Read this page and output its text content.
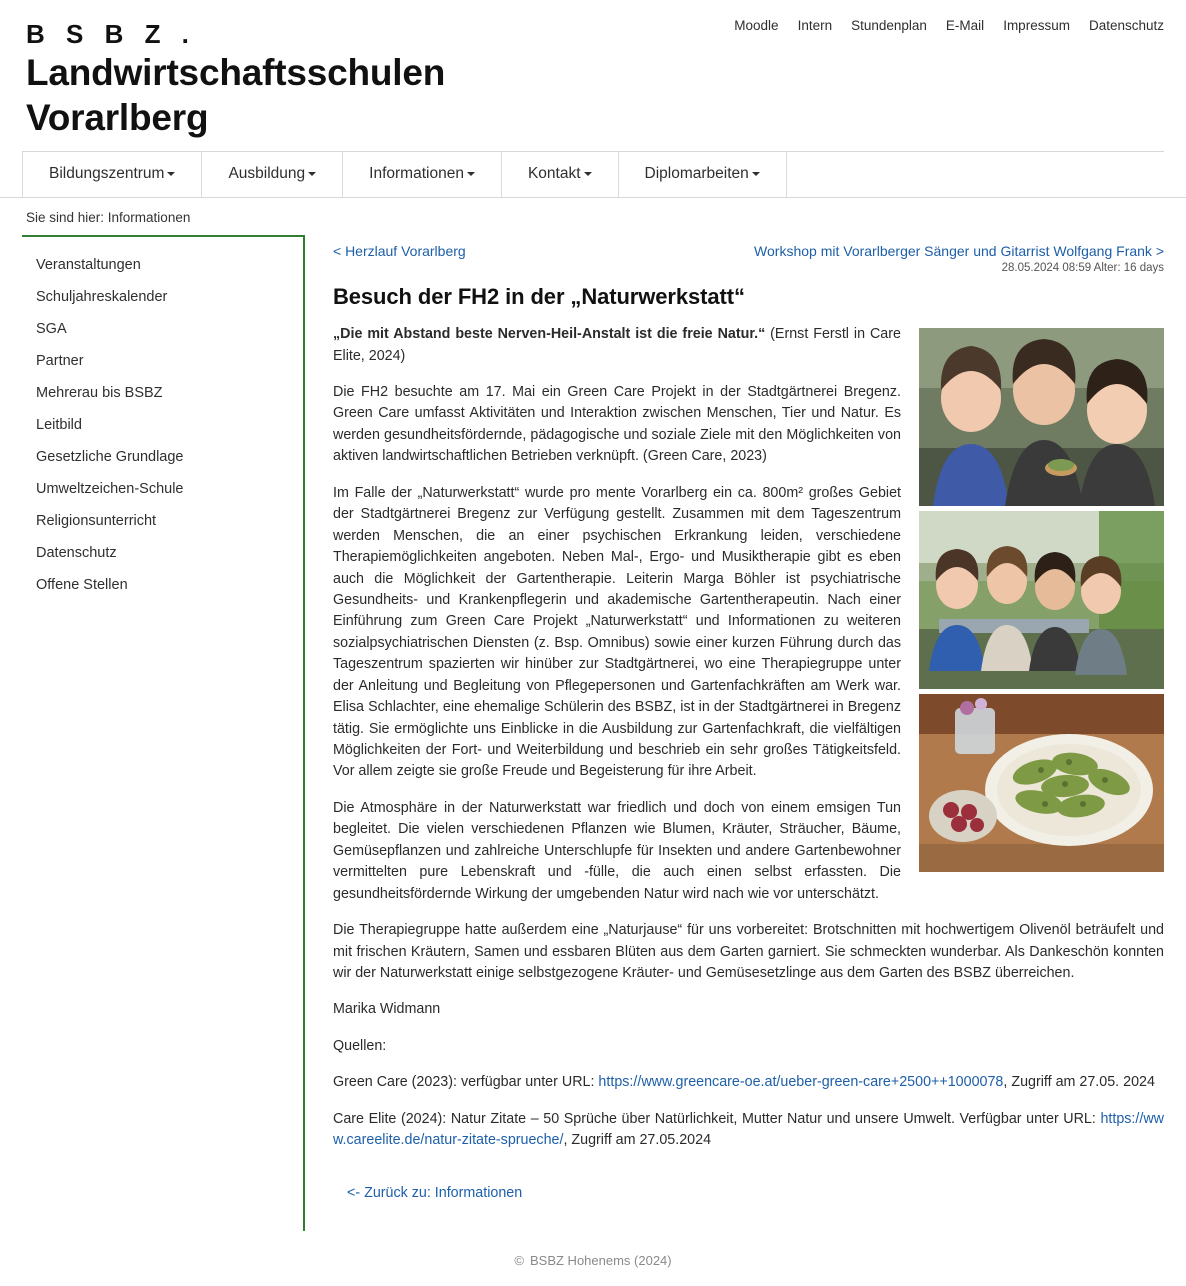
Moodle Intern Stundenplan E-Mail Impressum Datenschutz
B S B Z .
Landwirtschaftsschulen
Vorarlberg
Bildungszentrum	Ausbildung	Informationen	Kontakt	Diplomarbeiten
Sie sind hier: Informationen
Veranstaltungen
Schuljahreskalender
SGA
Partner
Mehrerau bis BSBZ
Leitbild
Gesetzliche Grundlage
Umweltzeichen-Schule
Religionsunterricht
Datenschutz
Offene Stellen
< Herzlauf Vorarlberg	Workshop mit Vorarlberger Sänger und Gitarrist Wolfgang Frank >
28.05.2024 08:59 Alter: 16 days
Besuch der FH2 in der „Naturwerkstatt“

„Die mit Abstand beste Nerven-Heil-Anstalt ist die freie Natur.“ (Ernst Ferstl in Care Elite, 2024)

Die FH2 besuchte am 17. Mai ein Green Care Projekt in der Stadtgärtnerei Bregenz. Green Care umfasst Aktivitäten und Interaktion zwischen Menschen, Tier und Natur. Es werden gesundheitsfördernde, pädagogische und soziale Ziele mit den Möglichkeiten von aktiven landwirtschaftlichen Betrieben verknüpft. (Green Care, 2023)

Im Falle der „Naturwerkstatt“ wurde pro mente Vorarlberg ein ca. 800m² großes Gebiet der Stadtgärtnerei Bregenz zur Verfügung gestellt. Zusammen mit dem Tageszentrum werden Menschen, die an einer psychischen Erkrankung leiden, verschiedene Therapiemöglichkeiten angeboten. Neben Mal-, Ergo- und Musiktherapie gibt es eben auch die Möglichkeit der Gartentherapie. Leiterin Marga Böhler ist psychiatrische Gesundheits- und Krankenpflegerin und akademische Gartentherapeutin. Nach einer Einführung zum Green Care Projekt „Naturwerkstatt“ und Informationen zu weiteren sozialpsychiatrischen Diensten (z. Bsp. Omnibus) sowie einer kurzen Führung durch das Tageszentrum spazierten wir hinüber zur Stadtgärtnerei, wo eine Therapiegruppe unter der Anleitung und Begleitung von Pflegepersonen und Gartenfachkräften am Werk war. Elisa Schlachter, eine ehemalige Schülerin des BSBZ, ist in der Stadtgärtnerei in Bregenz tätig. Sie ermöglichte uns Einblicke in die Ausbildung zur Gartenfachkraft, die vielfältigen Möglichkeiten der Fort- und Weiterbildung und beschrieb ein sehr großes Tätigkeitsfeld. Vor allem zeigte sie große Freude und Begeisterung für ihre Arbeit.

Die Atmosphäre in der Naturwerkstatt war friedlich und doch von einem emsigen Tun begleitet. Die vielen verschiedenen Pflanzen wie Blumen, Kräuter, Sträucher, Bäume, Gemüsepflanzen und zahlreiche Unterschlupfe für Insekten und andere Gartenbewohner vermittelten pure Lebenskraft und -fülle, die auch einen selbst erfassten. Die gesundheitsfördernde Wirkung der umgebenden Natur wird nach wie vor unterschätzt.

Die Therapiegruppe hatte außerdem eine „Naturjause“ für uns vorbereitet: Brotschnitten mit hochwertigem Olivenöl beträufelt und mit frischen Kräutern, Samen und essbaren Blüten aus dem Garten garniert. Sie schmeckten wunderbar. Als Dankeschön konnten wir der Naturwerkstatt einige selbstgezogene Kräuter- und Gemüsesetzlinge aus dem Garten des BSBZ überreichen.

Marika Widmann

Quellen:

Green Care (2023): verfügbar unter URL: https://www.greencare-oe.at/ueber-green-care+2500++1000078, Zugriff am 27.05. 2024

Care Elite (2024): Natur Zitate – 50 Sprüche über Natürlichkeit, Mutter Natur und unsere Umwelt. Verfügbar unter URL: https://www.careelite.de/natur-zitate-sprueche/, Zugriff am 27.05.2024

<- Zurück zu: Informationen
© BSBZ Hohenems (2024)
